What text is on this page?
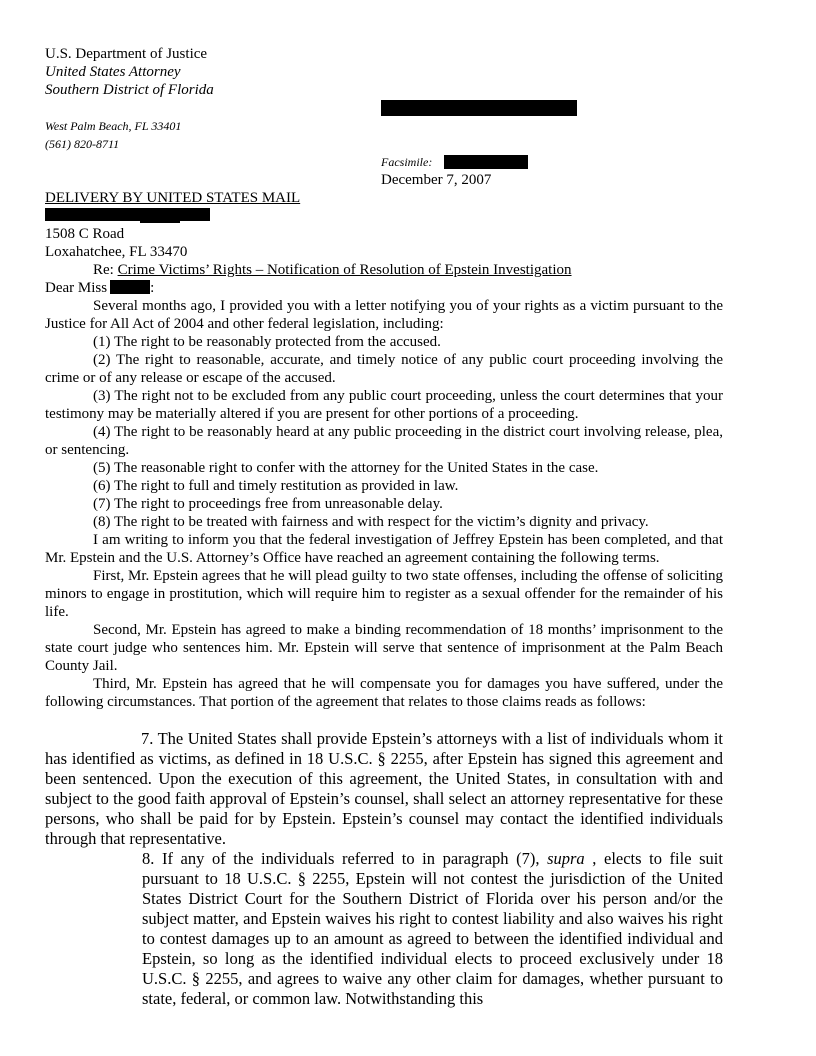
U.S. Department of Justice
United States Attorney
Southern District of Florida
West Palm Beach, FL 33401
(561) 820-8711
Facsimile:
December 7, 2007
DELIVERY BY UNITED STATES MAIL
1508 C Road
Loxahatchee, FL 33470
Re: Crime Victims’ Rights – Notification of Resolution of Epstein Investigation
Dear Miss	:

Several months ago, I provided you with a letter notifying you of your rights as a victim pursuant to the Justice for All Act of 2004 and other federal legislation, including:

(1) The right to be reasonably protected from the accused.

(2) The right to reasonable, accurate, and timely notice of any public court proceeding involving the crime or of any release or escape of the accused.

(3) The right not to be excluded from any public court proceeding, unless the court determines that your testimony may be materially altered if you are present for other portions of a proceeding.

(4) The right to be reasonably heard at any public proceeding in the district court involving release, plea, or sentencing.

(5) The reasonable right to confer with the attorney for the United States in the case.

(6) The right to full and timely restitution as provided in law.

(7) The right to proceedings free from unreasonable delay.

(8) The right to be treated with fairness and with respect for the victim’s dignity and privacy.

I am writing to inform you that the federal investigation of Jeffrey Epstein has been completed, and that Mr. Epstein and the U.S. Attorney’s Office have reached an agreement containing the following terms.

First, Mr. Epstein agrees that he will plead guilty to two state offenses, including the offense of soliciting minors to engage in prostitution, which will require him to register as a sexual offender for the remainder of his life.

Second, Mr. Epstein has agreed to make a binding recommendation of 18 months’ imprisonment to the state court judge who sentences him. Mr. Epstein will serve that sentence of imprisonment at the Palm Beach County Jail.

Third, Mr. Epstein has agreed that he will compensate you for damages you have suffered, under the following circumstances. That portion of the agreement that relates to those claims reads as follows:

7. The United States shall provide Epstein’s attorneys with a list of individuals whom it has identified as victims, as defined in 18 U.S.C. § 2255, after Epstein has signed this agreement and been sentenced. Upon the execution of this agreement, the United States, in consultation with and subject to the good faith approval of Epstein’s counsel, shall select an attorney representative for these persons, who shall be paid for by Epstein. Epstein’s counsel may contact the identified individuals through that representative.

8. If any of the individuals referred to in paragraph (7), supra , elects to file suit pursuant to 18 U.S.C. § 2255, Epstein will not contest the jurisdiction of the United States District Court for the Southern District of Florida over his person and/or the subject matter, and Epstein waives his right to contest liability and also waives his right to contest damages up to an amount as agreed to between the identified individual and Epstein, so long as the identified individual elects to proceed exclusively under 18 U.S.C. § 2255, and agrees to waive any other claim for damages, whether pursuant to state, federal, or common law. Notwithstanding this
